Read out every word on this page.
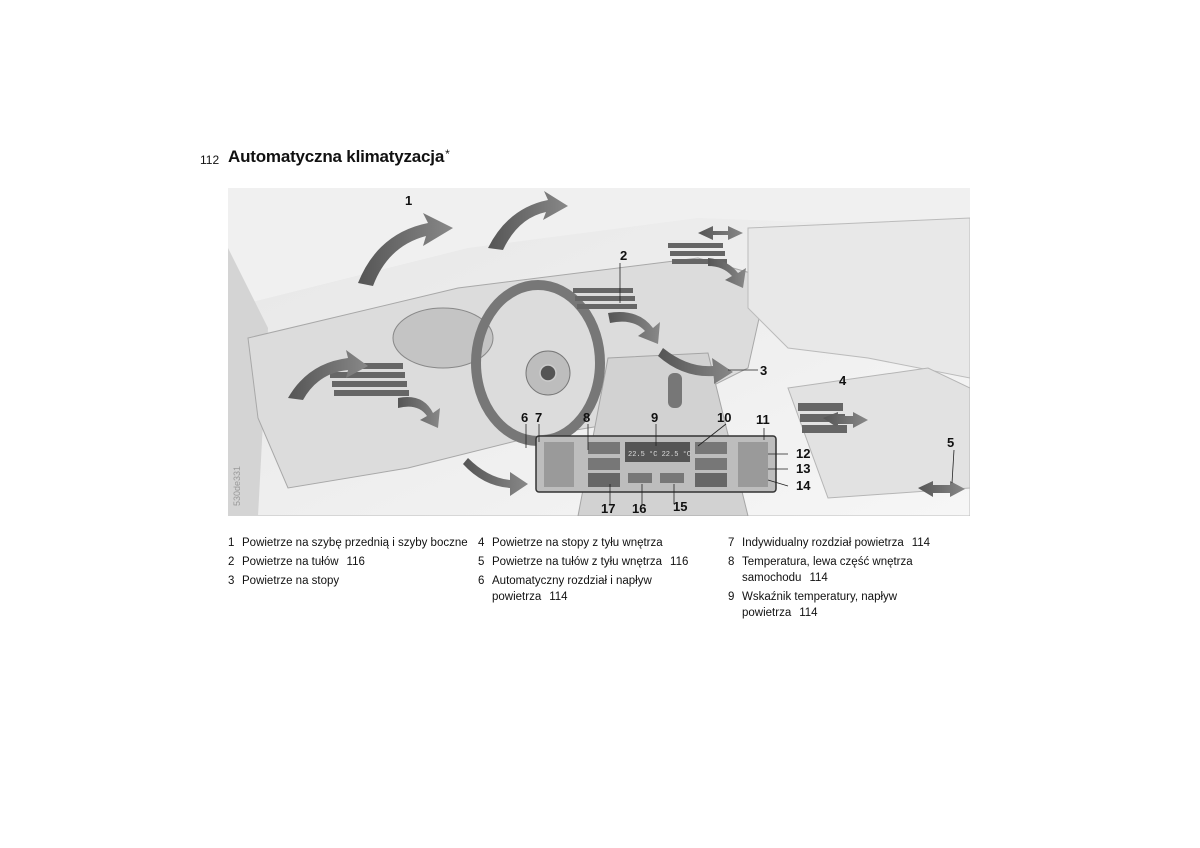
112 Automatyczna klimatyzacja*
22.5 °C 22.5 °C
1
2
3
4
5
6 7	8	9	10 11
12
13
14
15
16
17
530de331
1 Powietrze na szybę przednią i szyby boczne
2 Powietrze na tułów 116
3 Powietrze na stopy
4 Powietrze na stopy z tyłu wnętrza
5 Powietrze na tułów z tyłu wnętrza 116
6 Automatyczny rozdział i napływ powietrza 114
7 Indywidualny rozdział powietrza 114
8 Temperatura, lewa część wnętrza samochodu 114
9 Wskaźnik temperatury, napływ powietrza 114
